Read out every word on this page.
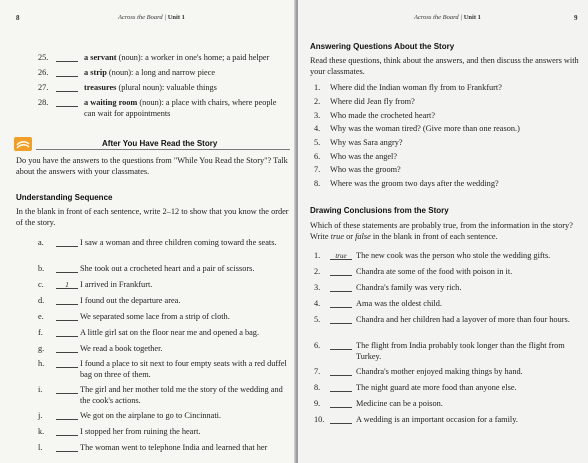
8	Across the Board | Unit 1
25.	a servant (noun): a worker in one's home; a paid helper
26.	a strip (noun): a long and narrow piece
27.	treasures (plural noun): valuable things
28.	a waiting room (noun): a place with chairs, where people can wait for appointments
After You Have Read the Story
Do you have the answers to the questions from "While You Read the Story"? Talk about the answers with your classmates.
Understanding Sequence
In the blank in front of each sentence, write 2–12 to show that you know the order of the story.
a.	I saw a woman and three children coming toward the seats.
b.	She took out a crocheted heart and a pair of scissors.
c.	1	I arrived in Frankfurt.
d.	I found out the departure area.
e.	We separated some lace from a strip of cloth.
f.	A little girl sat on the floor near me and opened a bag.
g.	We read a book together.
h.	I found a place to sit next to four empty seats with a red duffel bag on three of them.
i.	The girl and her mother told me the story of the wedding and the cook's actions.
j.	We got on the airplane to go to Cincinnati.
k.	I stopped her from ruining the heart.
l.	The woman went to telephone India and learned that her
Across the Board | Unit 1	9
Answering Questions About the Story
Read these questions, think about the answers, and then discuss the answers with your classmates.
1. Where did the Indian woman fly from to Frankfurt?
2. Where did Jean fly from?
3. Who made the crocheted heart?
4. Why was the woman tired? (Give more than one reason.)
5. Why was Sara angry?
6. Who was the angel?
7. Who was the groom?
8. Where was the groom two days after the wedding?
Drawing Conclusions from the Story
Which of these statements are probably true, from the information in the story? Write true or false in the blank in front of each sentence.
1.	true	The new cook was the person who stole the wedding gifts.
2.	Chandra ate some of the food with poison in it.
3.	Chandra's family was very rich.
4.	Ama was the oldest child.
5.	Chandra and her children had a layover of more than four hours.
6.	The flight from India probably took longer than the flight from Turkey.
7.	Chandra's mother enjoyed making things by hand.
8.	The night guard ate more food than anyone else.
9.	Medicine can be a poison.
10.	A wedding is an important occasion for a family.
